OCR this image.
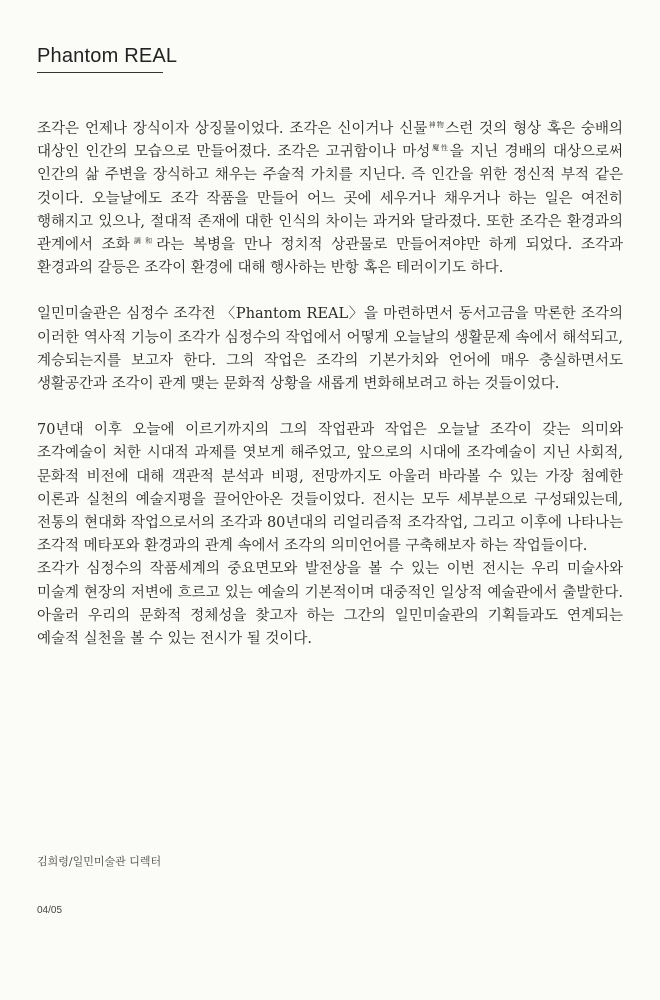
Phantom REAL

조각은 언제나 장식이자 상징물이었다. 조각은 신이거나 신물$^{神物}$스런 것의 형상 혹은 숭배의 대상인 인간의 모습으로 만들어졌다. 조각은 고귀함이나 마성$^{魔性}$을 지닌 경배의 대상으로써 인간의 삶 주변을 장식하고 채우는 주술적 가치를 지닌다. 즉 인간을 위한 정신적 부적 같은 것이다. 오늘날에도 조각 작품을 만들어 어느 곳에 세우거나 채우거나 하는 일은 여전히 행해지고 있으나, 절대적 존재에 대한 인식의 차이는 과거와 달라졌다. 또한 조각은 환경과의 관계에서 조화$^{調和}$라는 복병을 만나 정치적 상관물로 만들어져야만 하게 되었다. 조각과 환경과의 갈등은 조각이 환경에 대해 행사하는 반항 혹은 테러이기도 하다.

일민미술관은 심정수 조각전 〈Phantom REAL〉을 마련하면서 동서고금을 막론한 조각의 이러한 역사적 기능이 조각가 심정수의 작업에서 어떻게 오늘날의 생활문제 속에서 해석되고, 계승되는지를 보고자 한다. 그의 작업은 조각의 기본가치와 언어에 매우 충실하면서도 생활공간과 조각이 관계 맺는 문화적 상황을 새롭게 변화해보려고 하는 것들이었다.

70년대 이후 오늘에 이르기까지의 그의 작업관과 작업은 오늘날 조각이 갖는 의미와 조각예술이 처한 시대적 과제를 엿보게 해주었고, 앞으로의 시대에 조각예술이 지닌 사회적, 문화적 비전에 대해 객관적 분석과 비평, 전망까지도 아울러 바라볼 수 있는 가장 첨예한 이론과 실천의 예술지평을 끌어안아온 것들이었다. 전시는 모두 세부분으로 구성돼있는데, 전통의 현대화 작업으로서의 조각과 80년대의 리얼리즘적 조각작업, 그리고 이후에 나타나는 조각적 메타포와 환경과의 관계 속에서 조각의 의미언어를 구축해보자 하는 작업들이다.

조각가 심정수의 작품세계의 중요면모와 발전상을 볼 수 있는 이번 전시는 우리 미술사와 미술계 현장의 저변에 흐르고 있는 예술의 기본적이며 대중적인 일상적 예술관에서 출발한다. 아울러 우리의 문화적 정체성을 찾고자 하는 그간의 일민미술관의 기획들과도 연계되는 예술적 실천을 볼 수 있는 전시가 될 것이다.

김희령/일민미술관 디렉터

04/05
